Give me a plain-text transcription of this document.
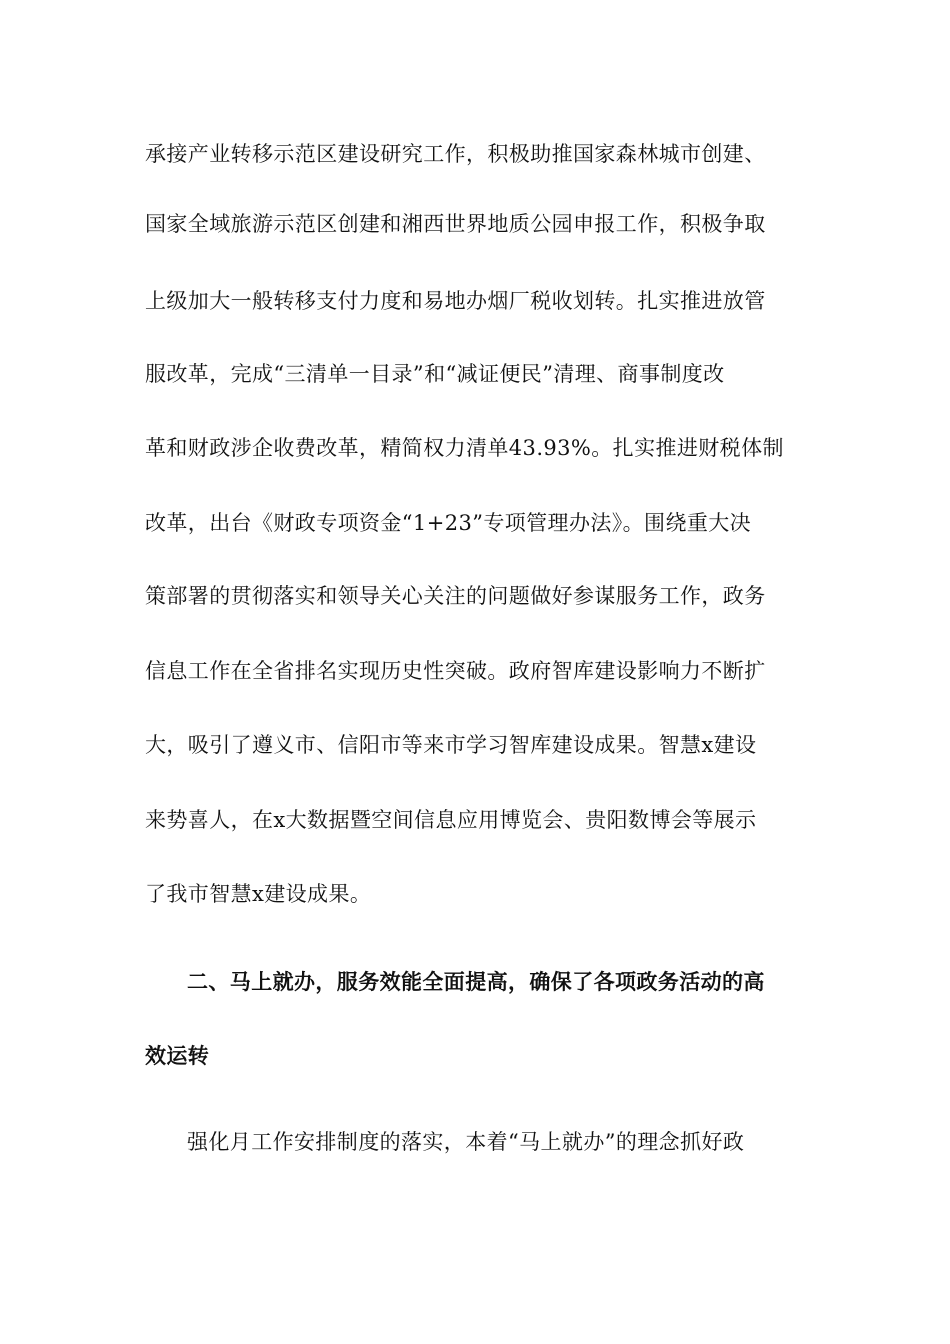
承接产业转移示范区建设研究工作，积极助推国家森林城市创建、
国家全域旅游示范区创建和湘西世界地质公园申报工作，积极争取
上级加大一般转移支付力度和易地办烟厂税收划转。扎实推进放管
服改革，完成“三清单一目录”和“减证便民”清理、商事制度改
革和财政涉企收费改革，精简权力清单43.93%。扎实推进财税体制
改革，出台《财政专项资金“1+23”专项管理办法》。围绕重大决
策部署的贯彻落实和领导关心关注的问题做好参谋服务工作，政务
信息工作在全省排名实现历史性突破。政府智库建设影响力不断扩
大，吸引了遵义市、信阳市等来市学习智库建设成果。智慧x建设
来势喜人，在x大数据暨空间信息应用博览会、贵阳数博会等展示
了我市智慧x建设成果。
二、马上就办，服务效能全面提高，确保了各项政务活动的高
效运转
强化月工作安排制度的落实，本着“马上就办”的理念抓好政
